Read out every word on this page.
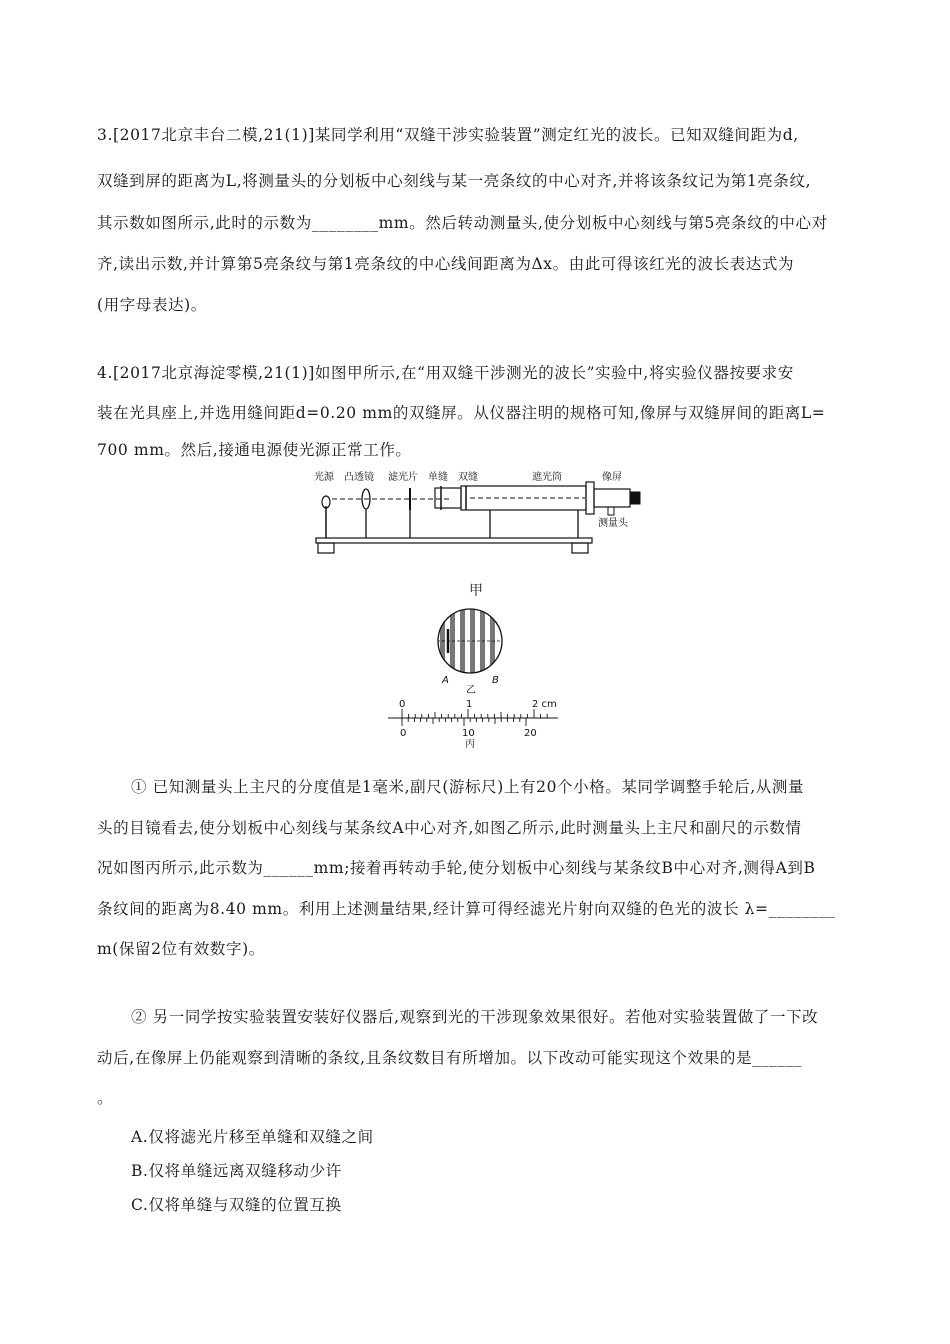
3.[2017北京丰台二模,21(1)]某同学利用“双缝干涉实验装置”测定红光的波长。已知双缝间距为d,
双缝到屏的距离为L,将测量头的分划板中心刻线与某一亮条纹的中心对齐,并将该条纹记为第1亮条纹,
其示数如图所示,此时的示数为________mm。然后转动测量头,使分划板中心刻线与第5亮条纹的中心对
齐,读出示数,并计算第5亮条纹与第1亮条纹的中心线间距离为Δx。由此可得该红光的波长表达式为
(用字母表达)。
4.[2017北京海淀零模,21(1)]如图甲所示,在“用双缝干涉测光的波长”实验中,将实验仪器按要求安
装在光具座上,并选用缝间距d=0.20 mm的双缝屏。从仪器注明的规格可知,像屏与双缝屏间的距离L=
700 mm。然后,接通电源使光源正常工作。
光源 凸透镜 滤光片 单缝 双缝	遮光筒	像屏
测量头
甲
A	B
乙
0	1	2 cm
0	10	20
丙
① 已知测量头上主尺的分度值是1毫米,副尺(游标尺)上有20个小格。某同学调整手轮后,从测量
头的目镜看去,使分划板中心刻线与某条纹A中心对齐,如图乙所示,此时测量头上主尺和副尺的示数情
况如图丙所示,此示数为______mm;接着再转动手轮,使分划板中心刻线与某条纹B中心对齐,测得A到B
条纹间的距离为8.40 mm。利用上述测量结果,经计算可得经滤光片射向双缝的色光的波长 λ=________
m(保留2位有效数字)。
② 另一同学按实验装置安装好仪器后,观察到光的干涉现象效果很好。若他对实验装置做了一下改
动后,在像屏上仍能观察到清晰的条纹,且条纹数目有所增加。以下改动可能实现这个效果的是______
。
A.仅将滤光片移至单缝和双缝之间
B.仅将单缝远离双缝移动少许
C.仅将单缝与双缝的位置互换
